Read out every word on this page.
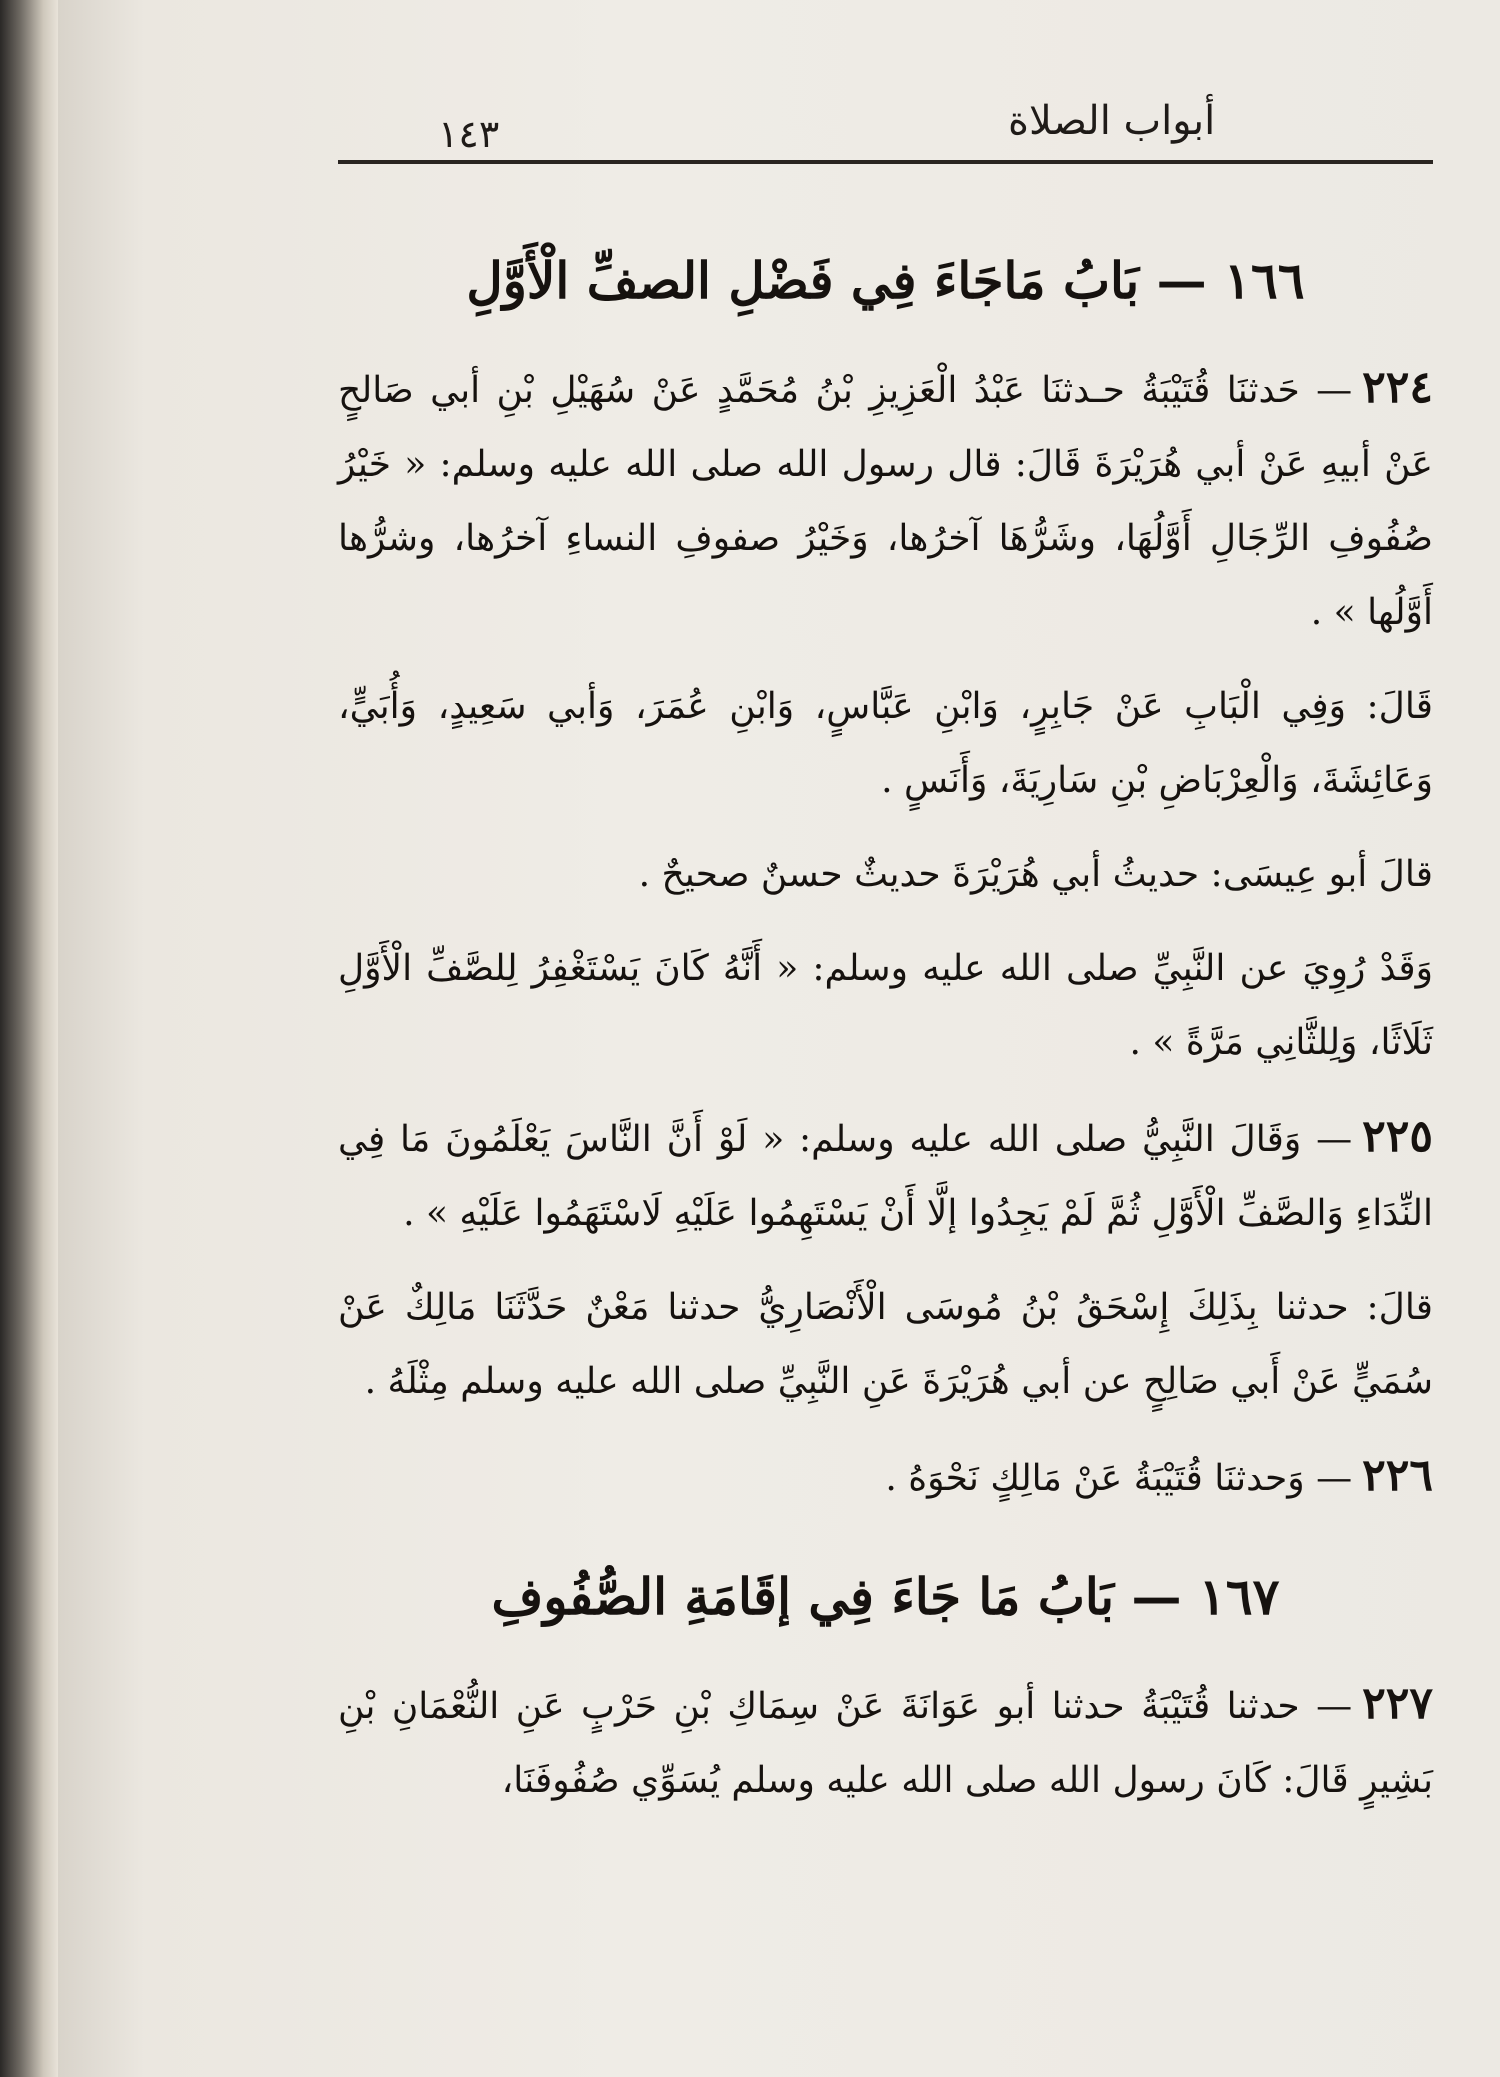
١٤٣	أبواب الصلاة
١٦٦ — بَابُ مَاجَاءَ فِي فَضْلِ الصفِّ الْأَوَّلِ

٢٢٤— حَدثنَا قُتَيْبَةُ حـدثنَا عَبْدُ الْعَزِيزِ بْنُ مُحَمَّدٍ عَنْ سُهَيْلِ بْنِ أبي صَالحٍ عَنْ أبيهِ عَنْ أبي هُرَيْرَةَ قَالَ: قال رسول الله صلى الله عليه وسلم: « خَيْرُ صُفُوفِ الرِّجَالِ أَوَّلُهَا، وشَرُّهَا آخرُها، وَخَيْرُ صفوفِ النساءِ آخرُها، وشرُّها أَوَّلُها » .

قَالَ: وَفِي الْبَابِ عَنْ جَابِرٍ، وَابْنِ عَبَّاسٍ، وَابْنِ عُمَرَ، وَأبي سَعِيدٍ، وَأُبَيٍّ، وَعَائِشَةَ، وَالْعِرْبَاضِ بْنِ سَارِيَةَ، وَأَنَسٍ .

قالَ أبو عِيسَى: حديثُ أبي هُرَيْرَةَ حديثٌ حسنٌ صحيحٌ .

وَقَدْ رُوِيَ عن النَّبِيِّ صلى الله عليه وسلم: « أَنَّهُ كَانَ يَسْتَغْفِرُ لِلصَّفِّ الْأَوَّلِ ثَلَاثًا، وَلِلثَّانِي مَرَّةً » .

٢٢٥— وَقَالَ النَّبِيُّ صلى الله عليه وسلم: « لَوْ أَنَّ النَّاسَ يَعْلَمُونَ مَا فِي النِّدَاءِ وَالصَّفِّ الْأَوَّلِ ثُمَّ لَمْ يَجِدُوا إلَّا أَنْ يَسْتَهِمُوا عَلَيْهِ لَاسْتَهَمُوا عَلَيْهِ » .

قالَ: حدثنا بِذَلِكَ إِسْحَقُ بْنُ مُوسَى الْأَنْصَارِيُّ حدثنا مَعْنٌ حَدَّثَنَا مَالِكٌ عَنْ سُمَيٍّ عَنْ أَبي صَالِحٍ عن أبي هُرَيْرَةَ عَنِ النَّبِيِّ صلى الله عليه وسلم مِثْلَهُ .

٢٢٦— وَحدثنَا قُتَيْبَةُ عَنْ مَالِكٍ نَحْوَهُ .

١٦٧ — بَابُ مَا جَاءَ فِي إقَامَةِ الصُّفُوفِ

٢٢٧— حدثنا قُتَيْبَةُ حدثنا أبو عَوَانَةَ عَنْ سِمَاكِ بْنِ حَرْبٍ عَنِ النُّعْمَانِ بْنِ بَشِيرٍ قَالَ: كَانَ رسول الله صلى الله عليه وسلم يُسَوِّي صُفُوفَنَا،
